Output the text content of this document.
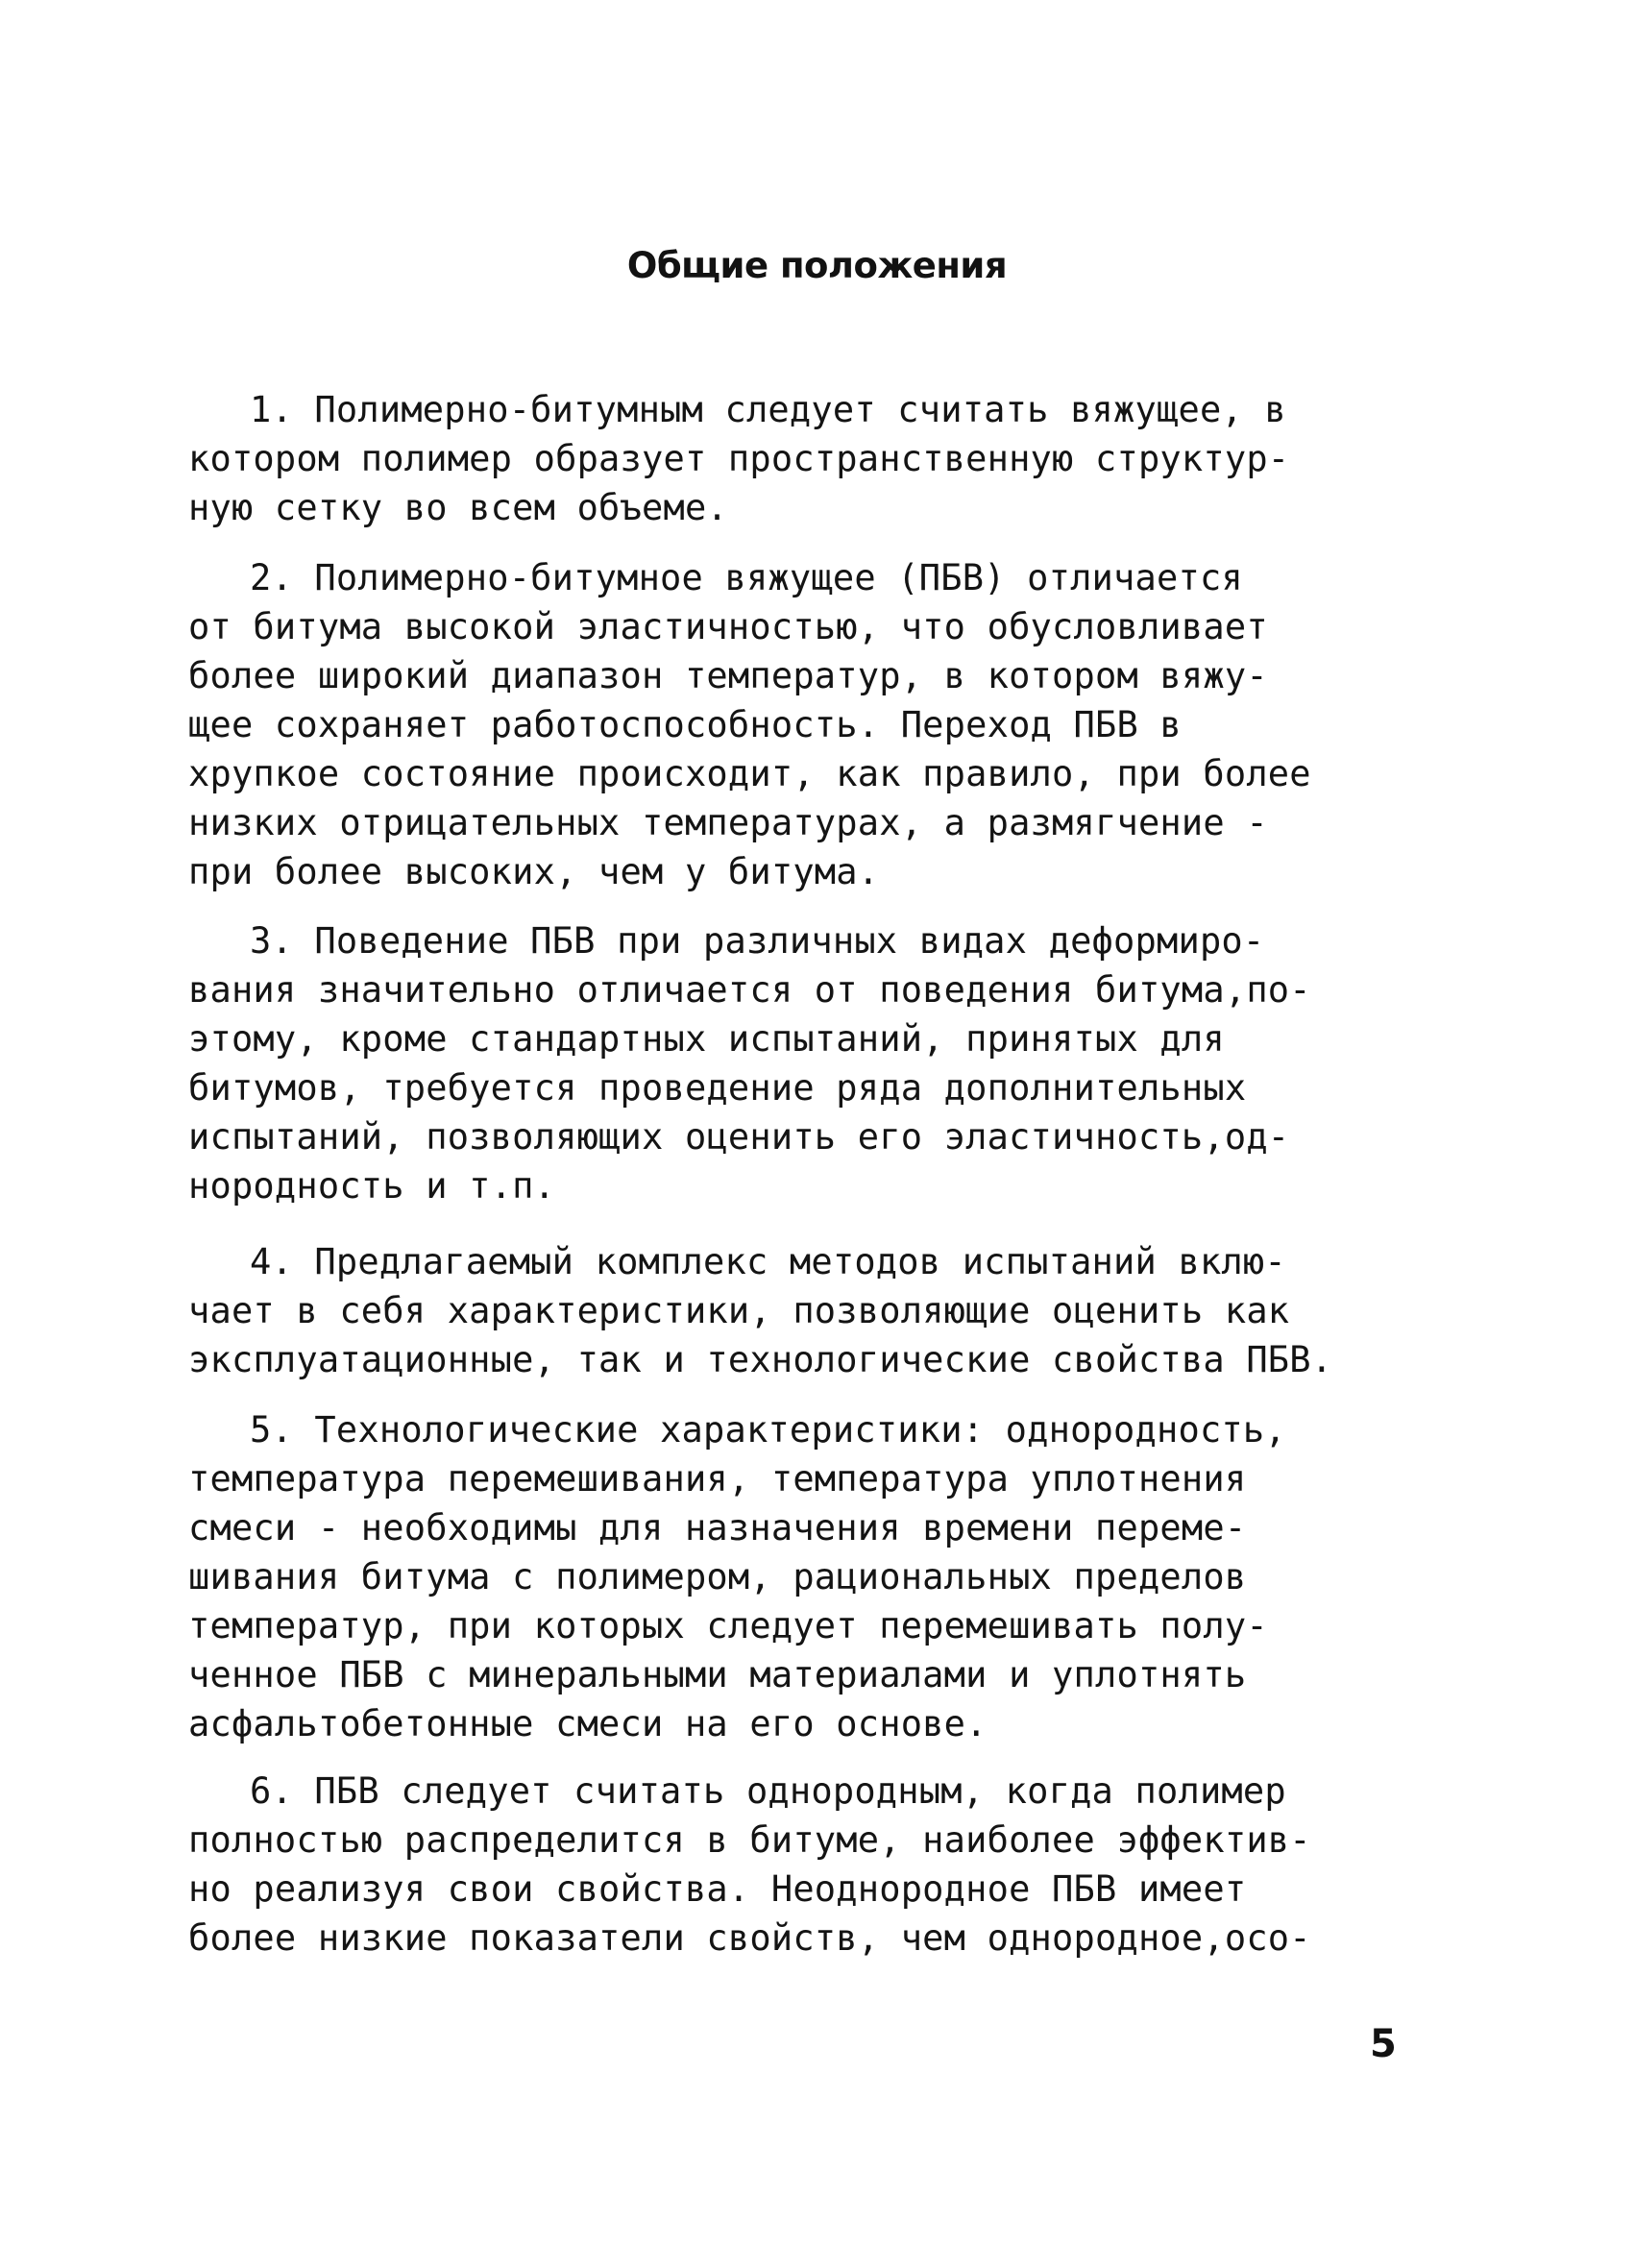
Общие положения
1. Полимерно-битумным следует считать вяжущее, в
котором полимер образует пространственную структур-
ную сетку во всем объеме.
2. Полимерно-битумное вяжущее (ПБВ) отличается
от битума высокой эластичностью, что обусловливает
более широкий диапазон температур, в котором вяжу-
щее сохраняет работоспособность. Переход ПБВ в
хрупкое состояние происходит, как правило, при более
низких отрицательных температурах, а размягчение -
при более высоких, чем у битума.
3. Поведение ПБВ при различных видах деформиро-
вания значительно отличается от поведения битума,по-
этому, кроме стандартных испытаний, принятых для
битумов, требуется проведение ряда дополнительных
испытаний, позволяющих оценить его эластичность,од-
нородность и т.п.
4. Предлагаемый комплекс методов испытаний вклю-
чает в себя характеристики, позволяющие оценить как
эксплуатационные, так и технологические свойства ПБВ.
5. Технологические характеристики: однородность,
температура перемешивания, температура уплотнения
смеси - необходимы для назначения времени переме-
шивания битума с полимером, рациональных пределов
температур, при которых следует перемешивать полу-
ченное ПБВ с минеральными материалами и уплотнять
асфальтобетонные смеси на его основе.
6. ПБВ следует считать однородным, когда полимер
полностью распределится в битуме, наиболее эффектив-
но реализуя свои свойства. Неоднородное ПБВ имеет
более низкие показатели свойств, чем однородное,осо-
5
